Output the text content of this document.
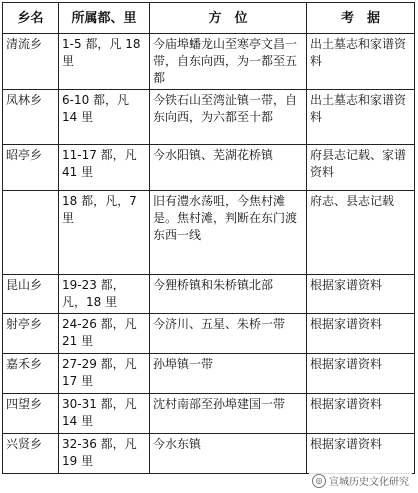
乡名	所属都、里	方　位	考　据
清流乡	1-5 都，凡 18 里	今庙埠蟠龙山至寒亭文昌一带，自东向西，为一都至五都	出土墓志和家谱资料
凤林乡	6-10 都，凡 14 里	今铁石山至湾沚镇一带，自东向西，为六都至十都	出土墓志和家谱资料
昭亭乡	11-17 都，凡 41 里	今水阳镇、芜湖花桥镇	府县志记载、家谱资料
	18 都，凡，7 里	旧有澧水荡咀，今焦村滩是。焦村滩，判断在东门渡东西一线	府志、县志记载
昆山乡	19-23 都，凡，18 里	今狸桥镇和朱桥镇北部	根据家谱资料
射亭乡	24-26 都，凡 21 里	今济川、五星、朱桥一带	根据家谱资料
嘉禾乡	27-29 都，凡 17 里	孙埠镇一带	根据家谱资料
四望乡	30-31 都，凡 14 里	沈村南部至孙埠建国一带	根据家谱资料
兴贤乡	32-36 都，凡 19 里	今水东镇	根据家谱资料
◎ 宣城历史文化研究
